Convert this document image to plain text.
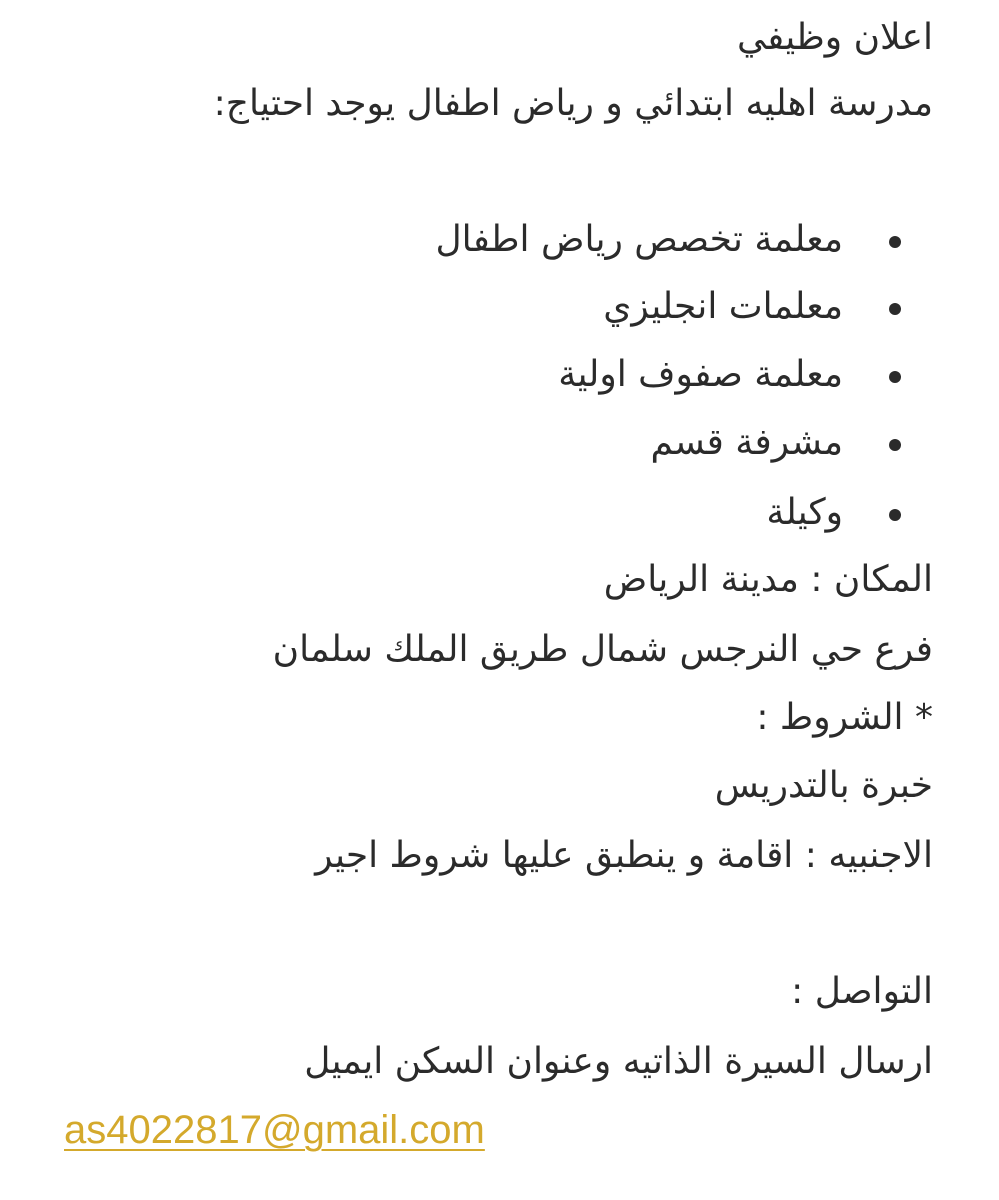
اعلان وظيفي
مدرسة اهليه ابتدائي و رياض اطفال يوجد احتياج:
معلمة تخصص رياض اطفال
معلمات انجليزي
معلمة صفوف اولية
مشرفة قسم
وكيلة
المكان : مدينة الرياض
فرع حي النرجس شمال طريق الملك سلمان
* الشروط :
خبرة بالتدريس
الاجنبيه : اقامة و ينطبق عليها شروط اجير
التواصل :
ارسال السيرة الذاتيه وعنوان السكن ايميل
as4022817@gmail.com
